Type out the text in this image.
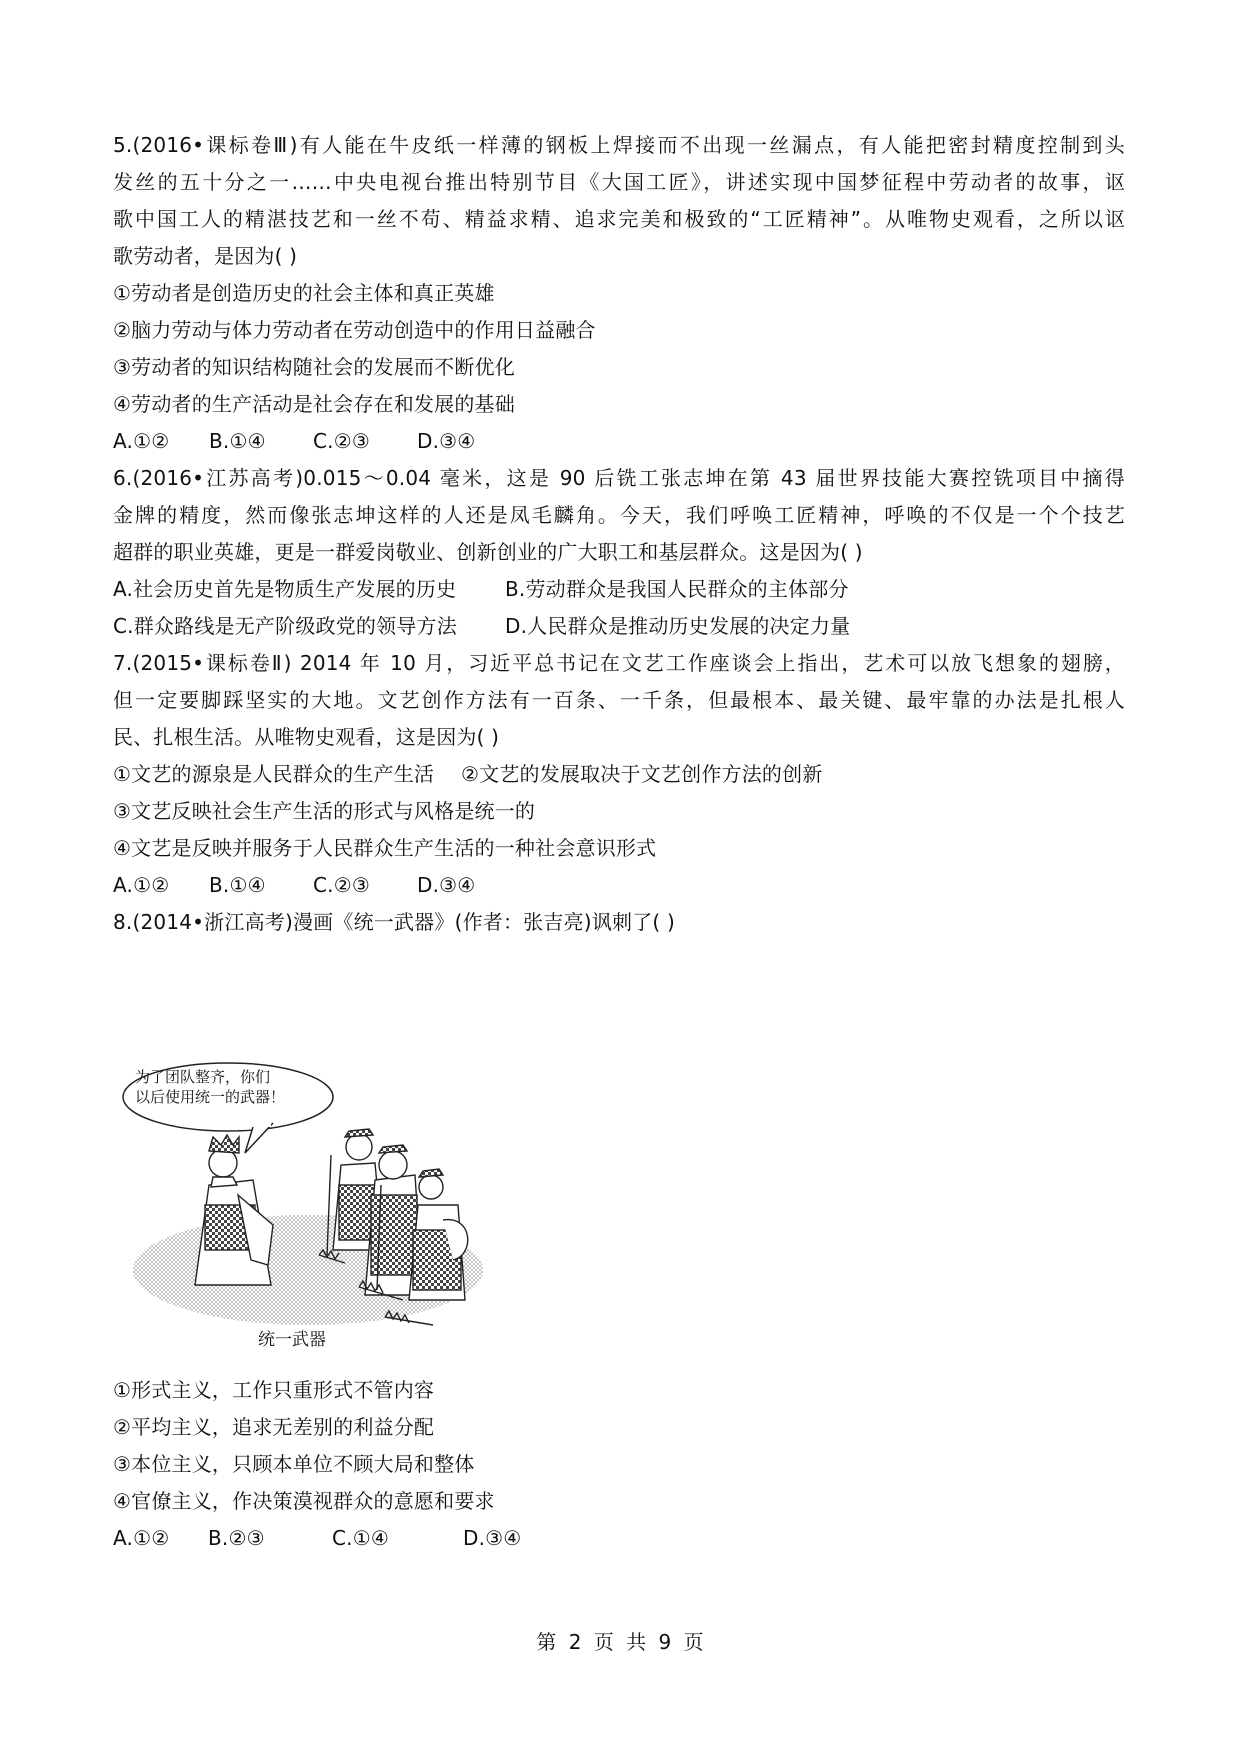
5.(2016•课标卷Ⅲ)有人能在牛皮纸一样薄的钢板上焊接而不出现一丝漏点，有人能把密封精度控制到头
发丝的五十分之一……中央电视台推出特别节目《大国工匠》，讲述实现中国梦征程中劳动者的故事，讴
歌中国工人的精湛技艺和一丝不苟、精益求精、追求完美和极致的“工匠精神”。从唯物史观看，之所以讴
歌劳动者，是因为( )
①劳动者是创造历史的社会主体和真正英雄
②脑力劳动与体力劳动者在劳动创造中的作用日益融合
③劳动者的知识结构随社会的发展而不断优化
④劳动者的生产活动是社会存在和发展的基础
A.①②	B.①④	C.②③	D.③④
6.(2016•江苏高考)0.015～0.04 毫米，这是 90 后铣工张志坤在第 43 届世界技能大赛控铣项目中摘得
金牌的精度，然而像张志坤这样的人还是凤毛麟角。今天，我们呼唤工匠精神，呼唤的不仅是一个个技艺
超群的职业英雄，更是一群爱岗敬业、创新创业的广大职工和基层群众。这是因为( )
A.社会历史首先是物质生产发展的历史	B.劳动群众是我国人民群众的主体部分
C.群众路线是无产阶级政党的领导方法	D.人民群众是推动历史发展的决定力量
7.(2015•课标卷Ⅱ) 2014 年 10 月，习近平总书记在文艺工作座谈会上指出，艺术可以放飞想象的翅膀，
但一定要脚踩坚实的大地。文艺创作方法有一百条、一千条，但最根本、最关键、最牢靠的办法是扎根人
民、扎根生活。从唯物史观看，这是因为( )
①文艺的源泉是人民群众的生产生活	②文艺的发展取决于文艺创作方法的创新
③文艺反映社会生产生活的形式与风格是统一的
④文艺是反映并服务于人民群众生产生活的一种社会意识形式
A.①②	B.①④	C.②③	D.③④
8.(2014•浙江高考)漫画《统一武器》(作者：张吉亮)讽刺了( )
为了团队整齐，你们
以后使用统一的武器！
统一武器
①形式主义，工作只重形式不管内容
②平均主义，追求无差别的利益分配
③本位主义，只顾本单位不顾大局和整体
④官僚主义，作决策漠视群众的意愿和要求
A.①②	B.②③	C.①④	D.③④
第 2 页 共 9 页
